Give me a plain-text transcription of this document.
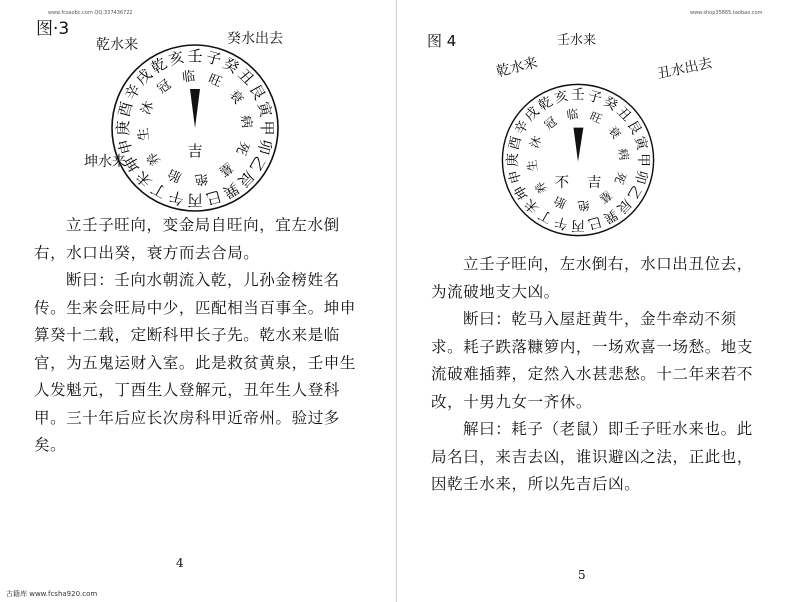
www.fcsaobc.com QQ:337436722	www.shop35865.taobao.com
图·3
乾水来	癸水出去
坤水来
壬 子
癸
丑
艮
寅
甲
卯
乙
辰
巽
巳
丙
午
丁
未
坤
申
庚
酉
辛
戌
乾
亥
临 旺
衰
病
死
墓
绝
胎
养
生
沐
冠
吉

立壬子旺向，变金局自旺向，宜左水倒右，水口出癸，衰方而去合局。

断曰：壬向水朝流入乾，儿孙金榜姓名传。生来会旺局中少，匹配相当百事全。坤申算癸十二载，定断科甲长子先。乾水来是临官，为五鬼运财入室。此是救贫黄泉，壬申生人发魁元，丁酉生人登解元，丑年生人登科甲。三十年后应长次房科甲近帝州。验过多矣。

4
图 4	壬水来
乾水来	丑水出去
壬 子
癸
丑
艮
寅
甲
卯
乙
辰
巽
巳
丙
午
丁
未
坤
申
庚
酉
辛
戌
乾
亥
临 旺
衰
病
死
墓
绝
胎
养
生
沐
冠
不 吉

立壬子旺向，左水倒右，水口出丑位去，为流破地支大凶。

断曰：乾马入屋赶黄牛，金牛牵动不须求。耗子跌落糠箩内，一场欢喜一场愁。地支流破难插葬，定然入水甚悲愁。十二年来若不改，十男九女一齐休。

解曰：耗子（老鼠）即壬子旺水来也。此局名曰，来吉去凶，谁识避凶之法，正此也，因乾壬水来，所以先吉后凶。

5
古籍库 www.fcsha920.com
